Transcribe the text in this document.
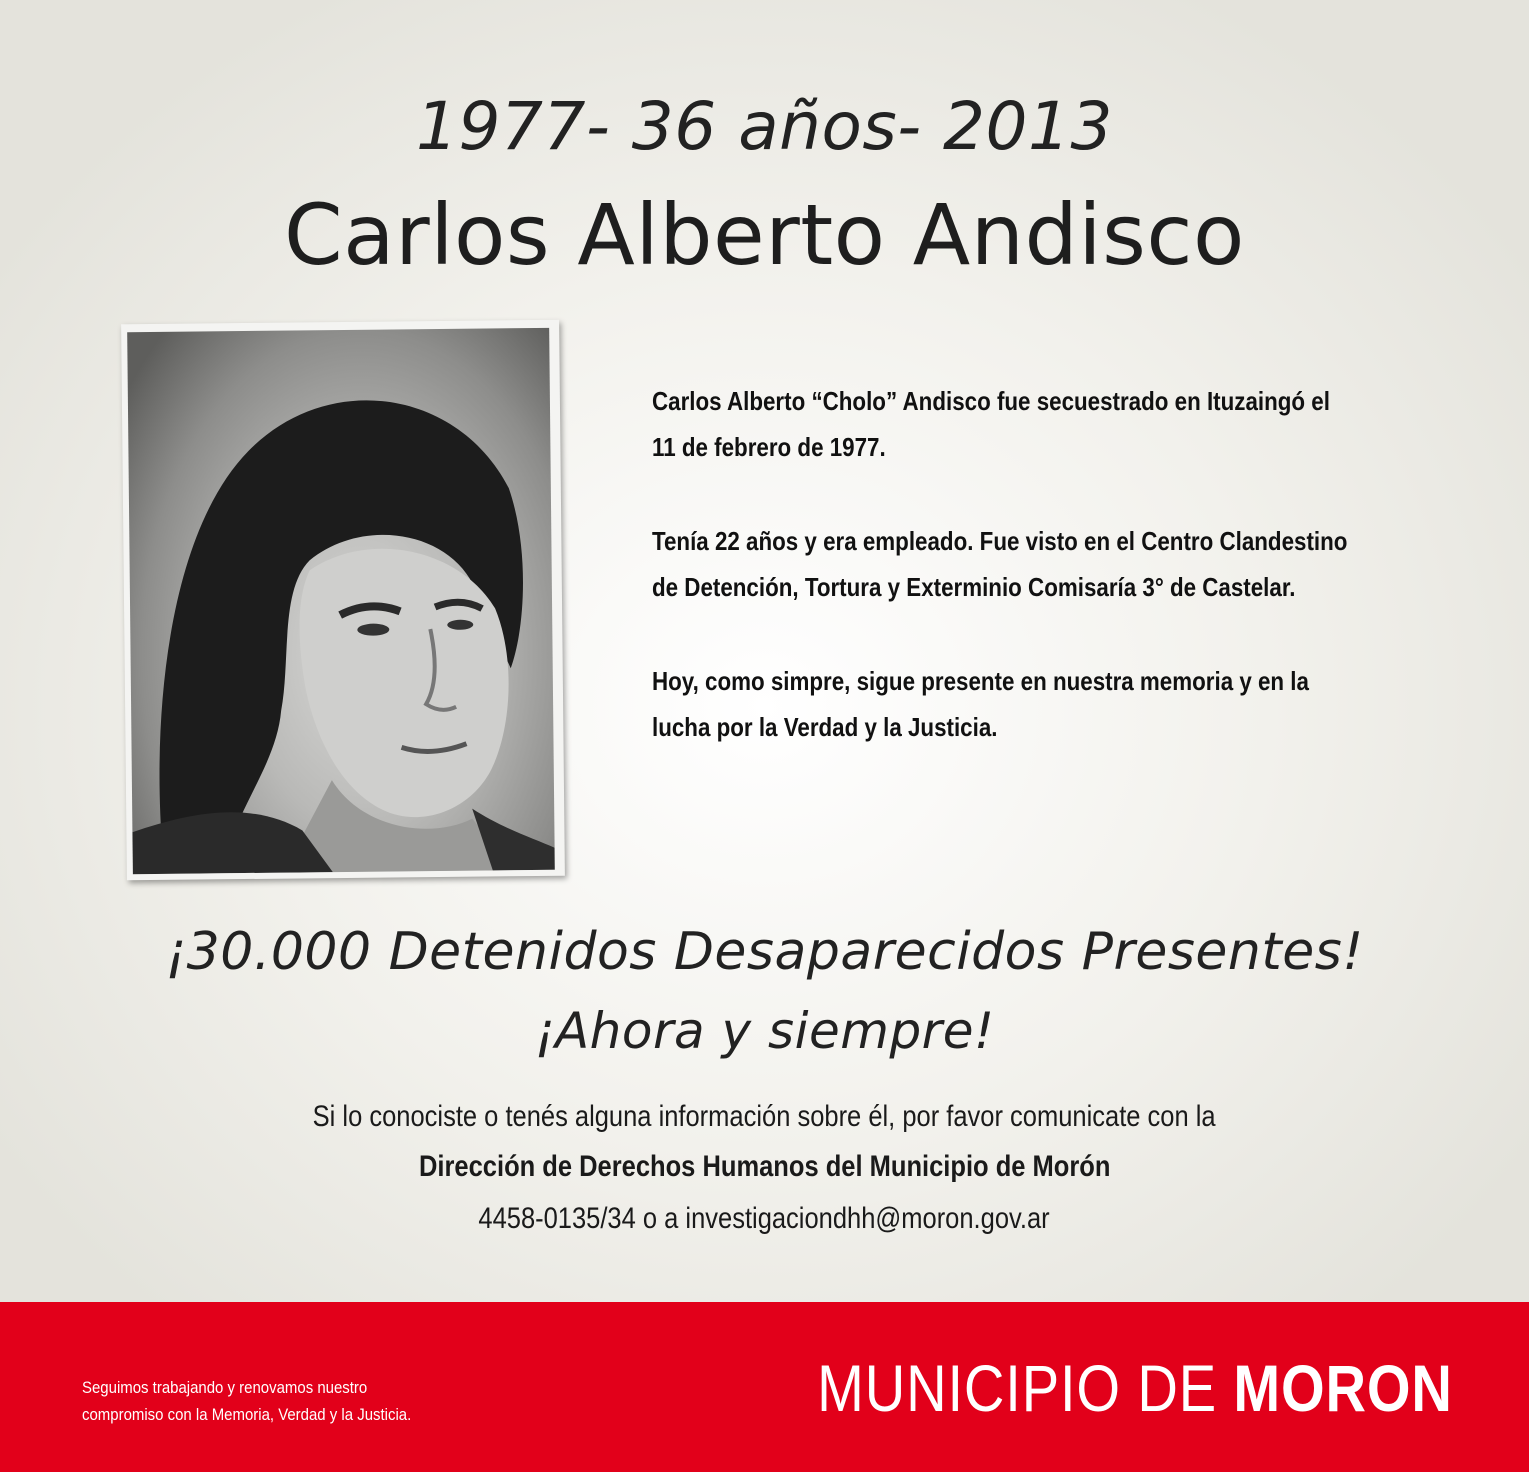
1977- 36 años- 2013
Carlos Alberto Andisco

Carlos Alberto “Cholo” Andisco fue secuestrado en Ituzaingó el 11 de febrero de 1977.

Tenía 22 años y era empleado. Fue visto en el Centro Clandestino de Detención, Tortura y Exterminio Comisaría 3° de Castelar.

Hoy, como simpre, sigue presente en nuestra memoria y en la lucha por la Verdad y la Justicia.

¡30.000 Detenidos Desaparecidos Presentes!
¡Ahora y siempre!
Si lo conociste o tenés alguna información sobre él, por favor comunicate con la
Dirección de Derechos Humanos del Municipio de Morón
4458-0135/34 o a investigaciondhh@moron.gov.ar
Seguimos trabajando y renovamos nuestro
compromiso con la Memoria, Verdad y la Justicia.	MUNICIPIO DE MORON
